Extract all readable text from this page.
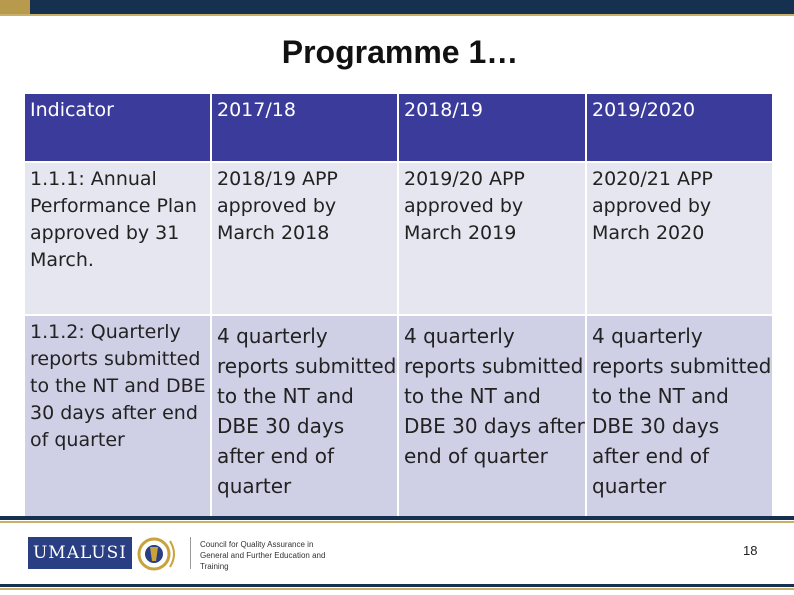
Programme 1…
Indicator	2017/18	2018/19	2019/2020

1.1.1: Annual Performance Plan approved by 31 March.	2018/19 APP approved by March 2018	2019/20 APP approved by March 2019	2020/21 APP approved by March 2020

1.1.2: Quarterly reports submitted to the NT and DBE 30 days after end of quarter	4 quarterly reports submitted to the NT and DBE 30 days after end of quarter	4 quarterly reports submitted to the NT and DBE 30 days after end of quarter	4 quarterly reports submitted to the NT and DBE 30 days after end of quarter
UMALUSI	Council for Quality Assurance in
General and Further Education and Training
18
